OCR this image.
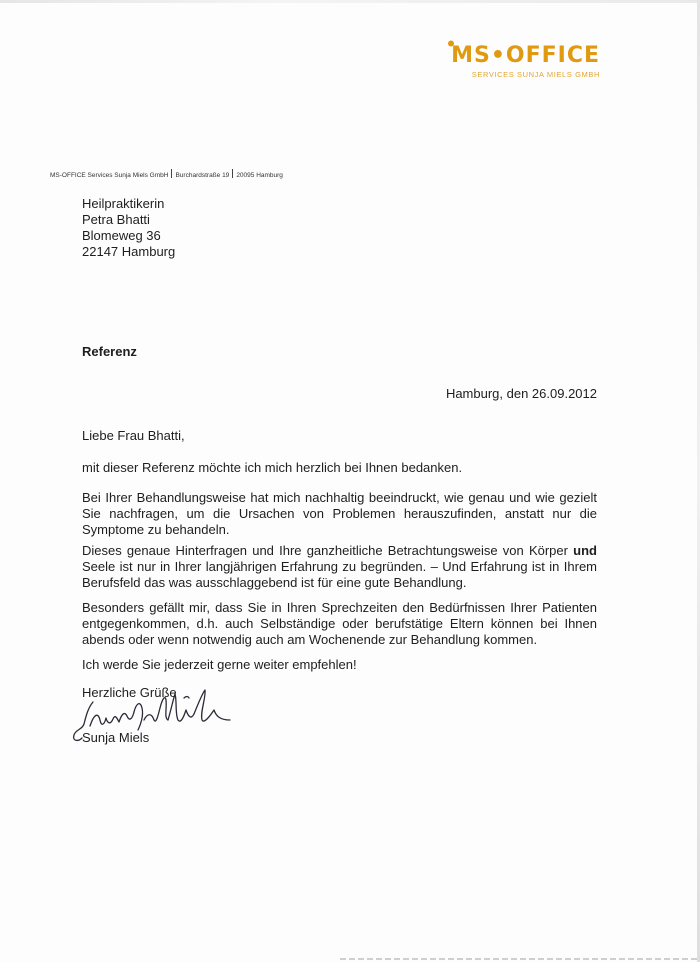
MS•OFFICE
SERVICES SUNJA MIELS GMBH
MS-OFFICE Services Sunja Miels GmbH Burchardstraße 19 20095 Hamburg
Heilpraktikerin
Petra Bhatti
Blomeweg 36
22147 Hamburg
Referenz
Hamburg, den 26.09.2012
Liebe Frau Bhatti,
mit dieser Referenz möchte ich mich herzlich bei Ihnen bedanken.
Bei Ihrer Behandlungsweise hat mich nachhaltig beeindruckt, wie genau und wie gezielt Sie nachfragen, um die Ursachen von Problemen herauszufinden, anstatt nur die Symptome zu behandeln.
Dieses genaue Hinterfragen und Ihre ganzheitliche Betrachtungsweise von Körper und Seele ist nur in Ihrer langjährigen Erfahrung zu begründen. – Und Erfahrung ist in Ihrem Berufsfeld das was ausschlaggebend ist für eine gute Behandlung.
Besonders gefällt mir, dass Sie in Ihren Sprechzeiten den Bedürfnissen Ihrer Patienten entgegenkommen, d.h. auch Selbständige oder berufstätige Eltern können bei Ihnen abends oder wenn notwendig auch am Wochenende zur Behandlung kommen.
Ich werde Sie jederzeit gerne weiter empfehlen!
Herzliche Grüße
Sunja Miels
